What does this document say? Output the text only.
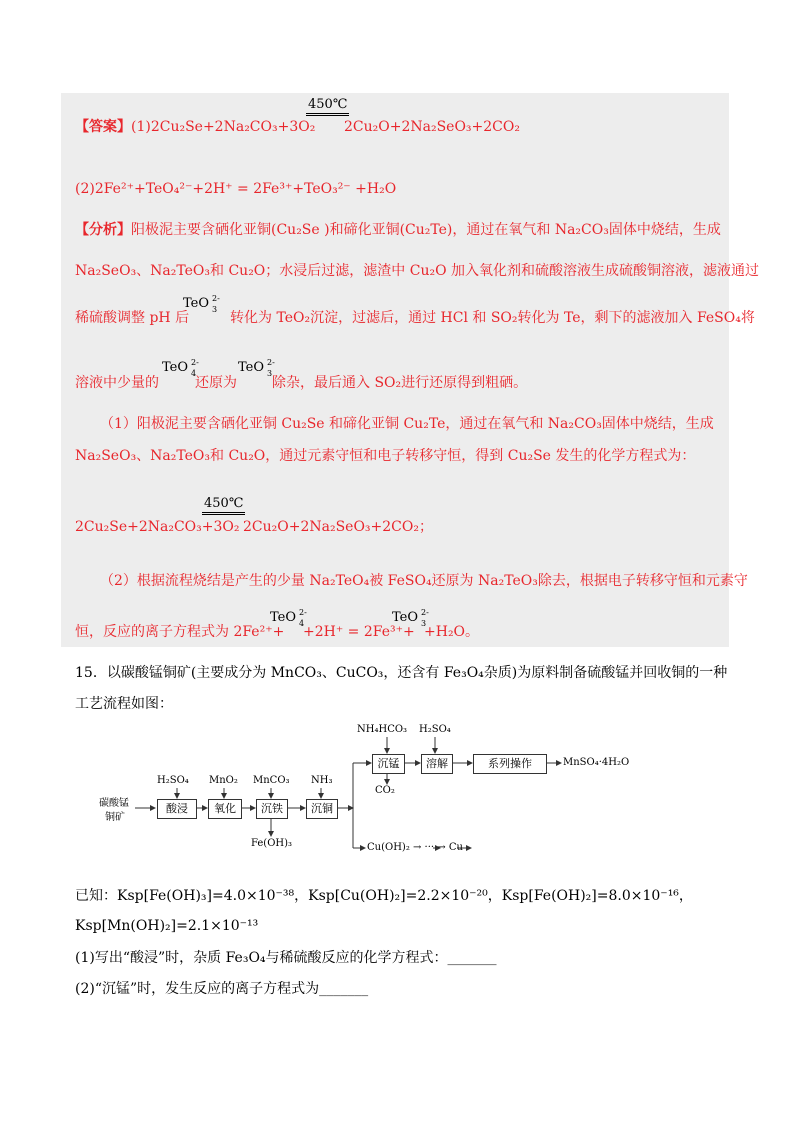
450℃
【答案】(1)2Cu₂Se+2Na₂CO₃+3O₂ 2Cu₂O+2Na₂SeO₃+2CO₂
(2)2Fe²⁺+TeO₄²⁻+2H⁺ = 2Fe³⁺+TeO₃²⁻ +H₂O
【分析】阳极泥主要含硒化亚铜(Cu₂Se )和碲化亚铜(Cu₂Te)，通过在氧气和 Na₂CO₃固体中烧结，生成
Na₂SeO₃、Na₂TeO₃和 Cu₂O；水浸后过滤，滤渣中 Cu₂O 加入氧化剂和硫酸溶液生成硫酸铜溶液，滤液通过
稀硫酸调整 pH 后
TeO 2-
3
转化为 TeO₂沉淀，过滤后，通过 HCl 和 SO₂转化为 Te，剩下的滤液加入 FeSO₄将
溶液中少量的
TeO 2-
4
还原为
TeO 2-
3
除杂，最后通入 SO₂进行还原得到粗硒。
（1）阳极泥主要含硒化亚铜 Cu₂Se 和碲化亚铜 Cu₂Te，通过在氧气和 Na₂CO₃固体中烧结，生成
Na₂SeO₃、Na₂TeO₃和 Cu₂O，通过元素守恒和电子转移守恒，得到 Cu₂Se 发生的化学方程式为：
450℃
2Cu₂Se+2Na₂CO₃+3O₂ 2Cu₂O+2Na₂SeO₃+2CO₂；
（2）根据流程烧结是产生的少量 Na₂TeO₄被 FeSO₄还原为 Na₂TeO₃除去，根据电子转移守恒和元素守
恒，反应的离子方程式为 2Fe²⁺+
TeO 2-
4
+2H⁺ = 2Fe³⁺+
TeO 2-
3
+H₂O。
15．以碳酸锰铜矿(主要成分为 MnCO₃、CuCO₃，还含有 Fe₃O₄杂质)为原料制备硫酸锰并回收铜的一种
工艺流程如图：
碳酸锰
铜矿
酸浸	氧化	沉铁	沉铜
沉锰	溶解	系列操作
H₂SO₄ MnO₂ MnCO₃ NH₃
NH₄HCO₃ H₂SO₄
MnSO₄·4H₂O
Fe(OH)₃
CO₂
Cu(OH)₂ → ··· → Cu
已知：Ksp[Fe(OH)₃]=4.0×10⁻³⁸，Ksp[Cu(OH)₂]=2.2×10⁻²⁰，Ksp[Fe(OH)₂]=8.0×10⁻¹⁶，
Ksp[Mn(OH)₂]=2.1×10⁻¹³
(1)写出“酸浸”时，杂质 Fe₃O₄与稀硫酸反应的化学方程式：_______
(2)“沉锰”时，发生反应的离子方程式为_______
